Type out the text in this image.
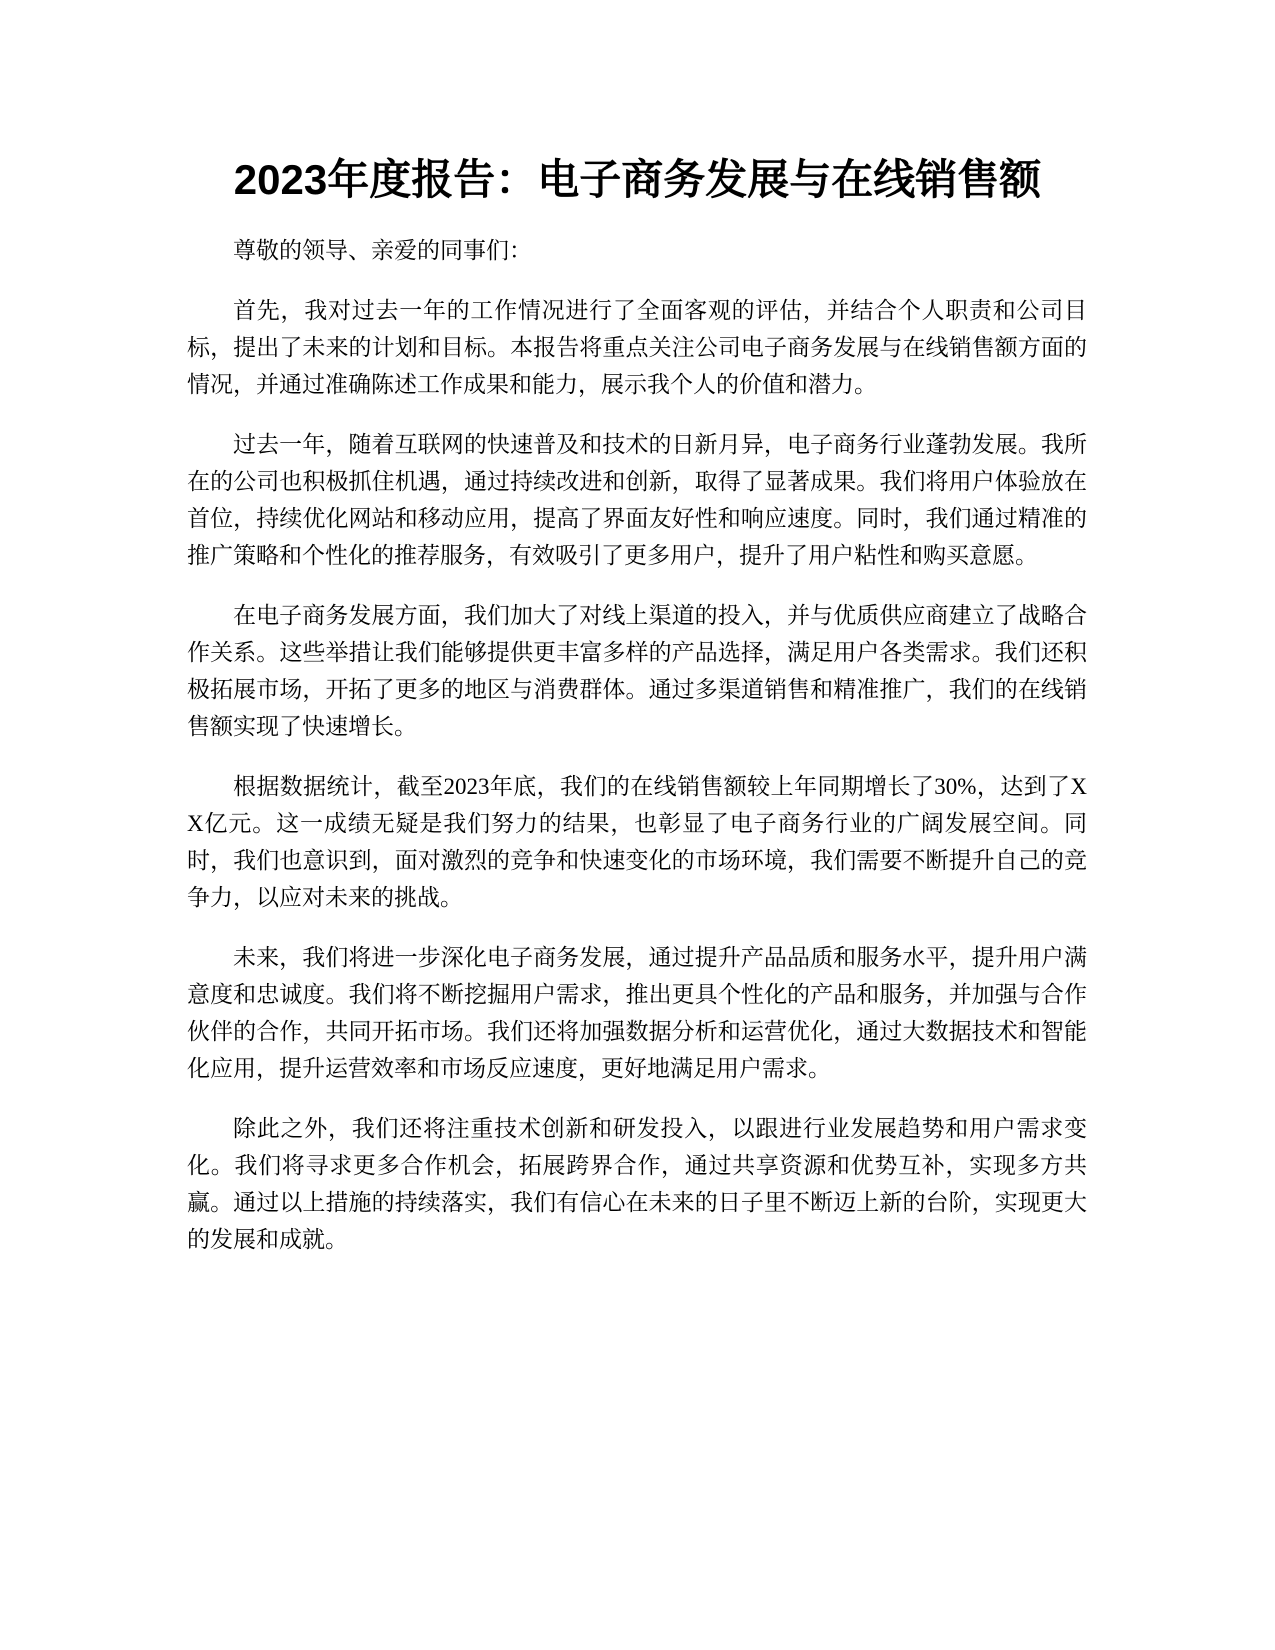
2023年度报告：电子商务发展与在线销售额

尊敬的领导、亲爱的同事们：

首先，我对过去一年的工作情况进行了全面客观的评估，并结合个人职责和公司目标，提出了未来的计划和目标。本报告将重点关注公司电子商务发展与在线销售额方面的情况，并通过准确陈述工作成果和能力，展示我个人的价值和潜力。

过去一年，随着互联网的快速普及和技术的日新月异，电子商务行业蓬勃发展。我所在的公司也积极抓住机遇，通过持续改进和创新，取得了显著成果。我们将用户体验放在首位，持续优化网站和移动应用，提高了界面友好性和响应速度。同时，我们通过精准的推广策略和个性化的推荐服务，有效吸引了更多用户，提升了用户粘性和购买意愿。

在电子商务发展方面，我们加大了对线上渠道的投入，并与优质供应商建立了战略合作关系。这些举措让我们能够提供更丰富多样的产品选择，满足用户各类需求。我们还积极拓展市场，开拓了更多的地区与消费群体。通过多渠道销售和精准推广，我们的在线销售额实现了快速增长。

根据数据统计，截至2023年底，我们的在线销售额较上年同期增长了30%，达到了XX亿元。这一成绩无疑是我们努力的结果，也彰显了电子商务行业的广阔发展空间。同时，我们也意识到，面对激烈的竞争和快速变化的市场环境，我们需要不断提升自己的竞争力，以应对未来的挑战。

未来，我们将进一步深化电子商务发展，通过提升产品品质和服务水平，提升用户满意度和忠诚度。我们将不断挖掘用户需求，推出更具个性化的产品和服务，并加强与合作伙伴的合作，共同开拓市场。我们还将加强数据分析和运营优化，通过大数据技术和智能化应用，提升运营效率和市场反应速度，更好地满足用户需求。

除此之外，我们还将注重技术创新和研发投入，以跟进行业发展趋势和用户需求变化。我们将寻求更多合作机会，拓展跨界合作，通过共享资源和优势互补，实现多方共赢。通过以上措施的持续落实，我们有信心在未来的日子里不断迈上新的台阶，实现更大的发展和成就。
